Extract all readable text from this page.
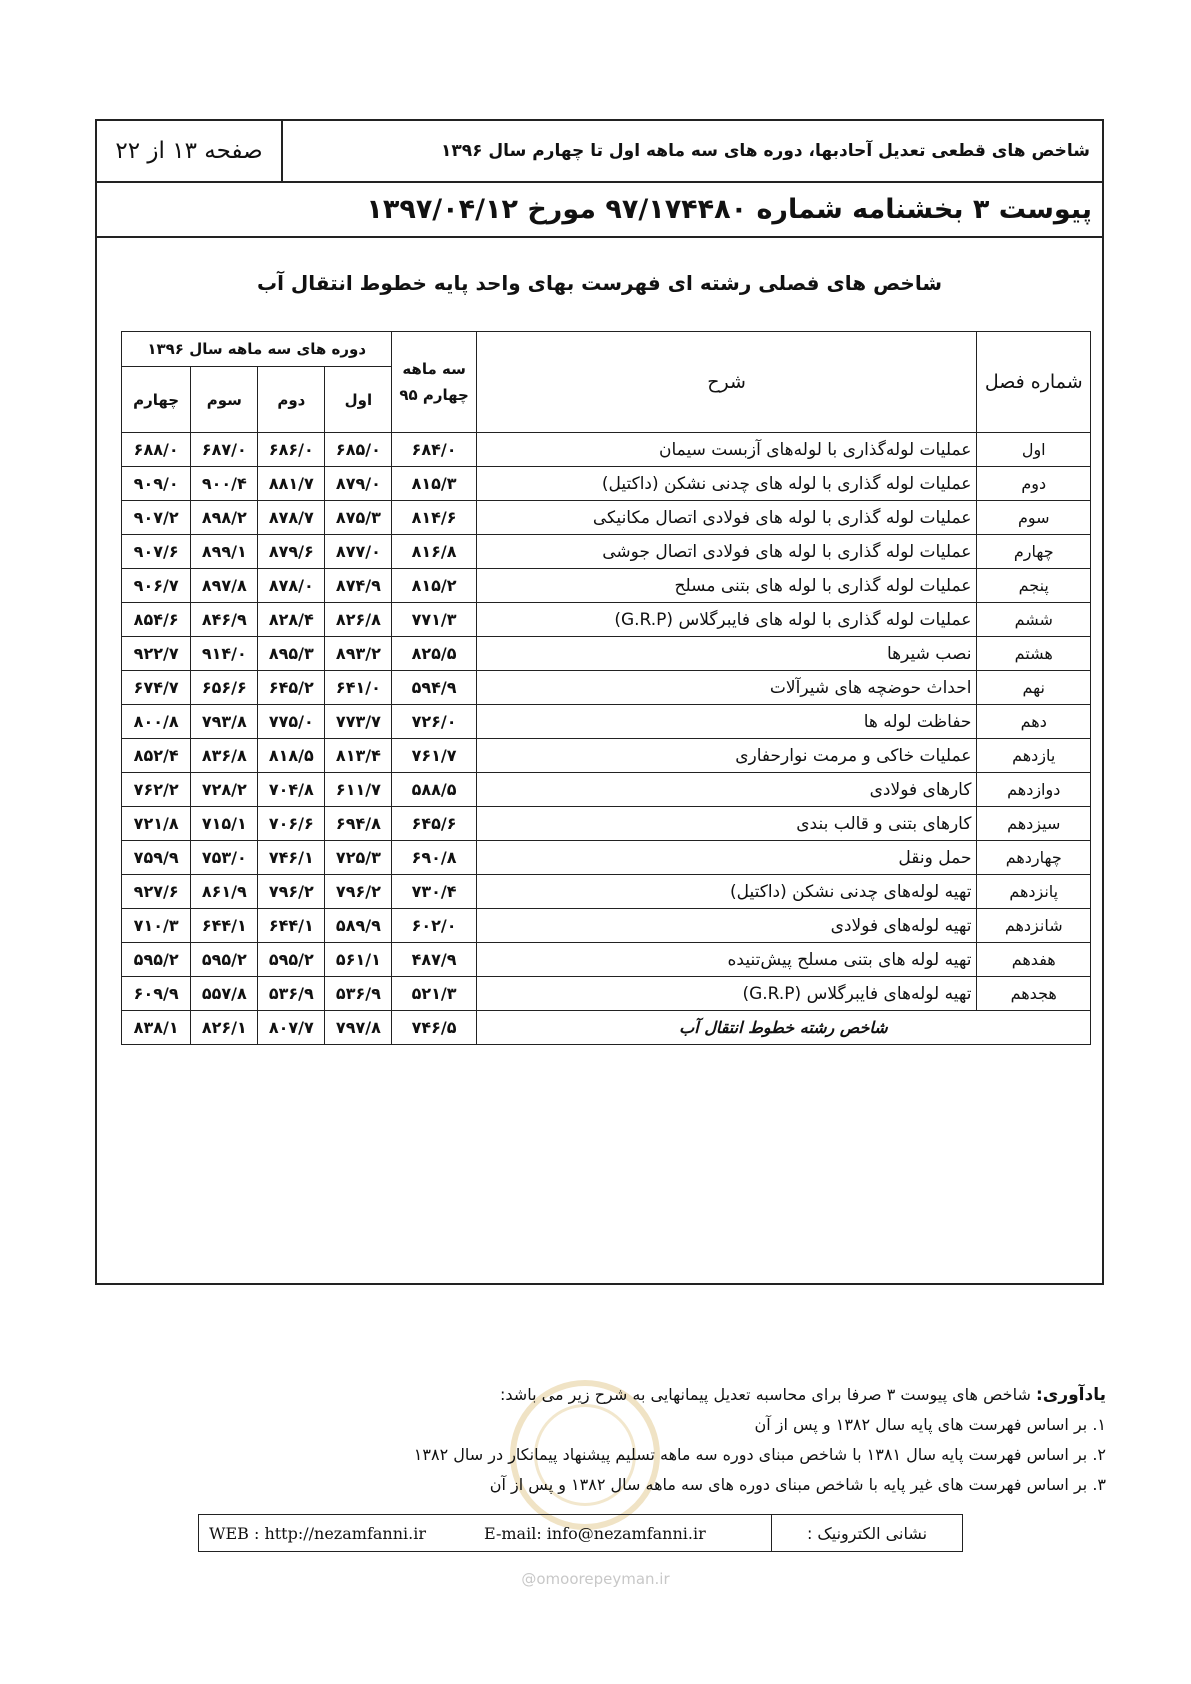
شاخص های قطعی تعدیل آحادبها، دوره های سه ماهه اول تا چهارم سال ۱۳۹۶
صفحه ۱۳ از ۲۲
پیوست ۳ بخشنامه شماره ۹۷/۱۷۴۴۸۰ مورخ ۱۳۹۷/۰۴/۱۲
شاخص های فصلی رشته ای فهرست بهای واحد پایه خطوط انتقال آب
شماره فصل	شرح	سه ماهه چهارم ۹۵	دوره های سه ماهه سال ۱۳۹۶			
			اول	دوم	سوم	چهارم
اول	عملیات لوله‌گذاری با لوله‌های آزبست سیمان	۶۸۴/۰	۶۸۵/۰	۶۸۶/۰	۶۸۷/۰	۶۸۸/۰
دوم	عملیات لوله گذاری با لوله های چدنی نشکن (داکتیل)	۸۱۵/۳	۸۷۹/۰	۸۸۱/۷	۹۰۰/۴	۹۰۹/۰
سوم	عملیات لوله گذاری با لوله های فولادی اتصال مکانیکی	۸۱۴/۶	۸۷۵/۳	۸۷۸/۷	۸۹۸/۲	۹۰۷/۲
چهارم	عملیات لوله گذاری با لوله های فولادی اتصال جوشی	۸۱۶/۸	۸۷۷/۰	۸۷۹/۶	۸۹۹/۱	۹۰۷/۶
پنجم	عملیات لوله گذاری با لوله های بتنی مسلح	۸۱۵/۲	۸۷۴/۹	۸۷۸/۰	۸۹۷/۸	۹۰۶/۷
ششم	عملیات لوله گذاری با لوله های فایبرگلاس (G.R.P)	۷۷۱/۳	۸۲۶/۸	۸۲۸/۴	۸۴۶/۹	۸۵۴/۶
هشتم	نصب شیرها	۸۲۵/۵	۸۹۳/۲	۸۹۵/۳	۹۱۴/۰	۹۲۲/۷
نهم	احداث حوضچه های شیرآلات	۵۹۴/۹	۶۴۱/۰	۶۴۵/۲	۶۵۶/۶	۶۷۴/۷
دهم	حفاظت لوله ها	۷۲۶/۰	۷۷۳/۷	۷۷۵/۰	۷۹۳/۸	۸۰۰/۸
یازدهم	عملیات خاکی و مرمت نوارحفاری	۷۶۱/۷	۸۱۳/۴	۸۱۸/۵	۸۳۶/۸	۸۵۲/۴
دوازدهم	کارهای فولادی	۵۸۸/۵	۶۱۱/۷	۷۰۴/۸	۷۲۸/۲	۷۶۲/۲
سیزدهم	کارهای بتنی و قالب بندی	۶۴۵/۶	۶۹۴/۸	۷۰۶/۶	۷۱۵/۱	۷۲۱/۸
چهاردهم	حمل ونقل	۶۹۰/۸	۷۲۵/۳	۷۴۶/۱	۷۵۳/۰	۷۵۹/۹
پانزدهم	تهیه لوله‌های چدنی نشکن (داکتیل)	۷۳۰/۴	۷۹۶/۲	۷۹۶/۲	۸۶۱/۹	۹۲۷/۶
شانزدهم	تهیه لوله‌های فولادی	۶۰۲/۰	۵۸۹/۹	۶۴۴/۱	۶۴۴/۱	۷۱۰/۳
هفدهم	تهیه لوله های بتنی مسلح پیش‌تنیده	۴۸۷/۹	۵۶۱/۱	۵۹۵/۲	۵۹۵/۲	۵۹۵/۲
هجدهم	تهیه لوله‌های فایبرگلاس (G.R.P)	۵۲۱/۳	۵۳۶/۹	۵۳۶/۹	۵۵۷/۸	۶۰۹/۹
شاخص رشته خطوط انتقال آب		۷۴۶/۵	۷۹۷/۸	۸۰۷/۷	۸۲۶/۱	۸۳۸/۱
یادآوری: شاخص های پیوست ۳ صرفا برای محاسبه تعدیل پیمانهایی به شرح زیر می باشد:
۱. بر اساس فهرست های پایه سال ۱۳۸۲ و پس از آن
۲. بر اساس فهرست پایه سال ۱۳۸۱ با شاخص مبنای دوره سه ماهه تسلیم پیشنهاد پیمانکار در سال ۱۳۸۲
۳. بر اساس فهرست های غیر پایه با شاخص مبنای دوره های سه ماهه سال ۱۳۸۲ و پس از آن
نشانی الکترونیک :
E-mail: info@nezamfanni.ir
WEB : http://nezamfanni.ir
@omoorepeyman.ir
